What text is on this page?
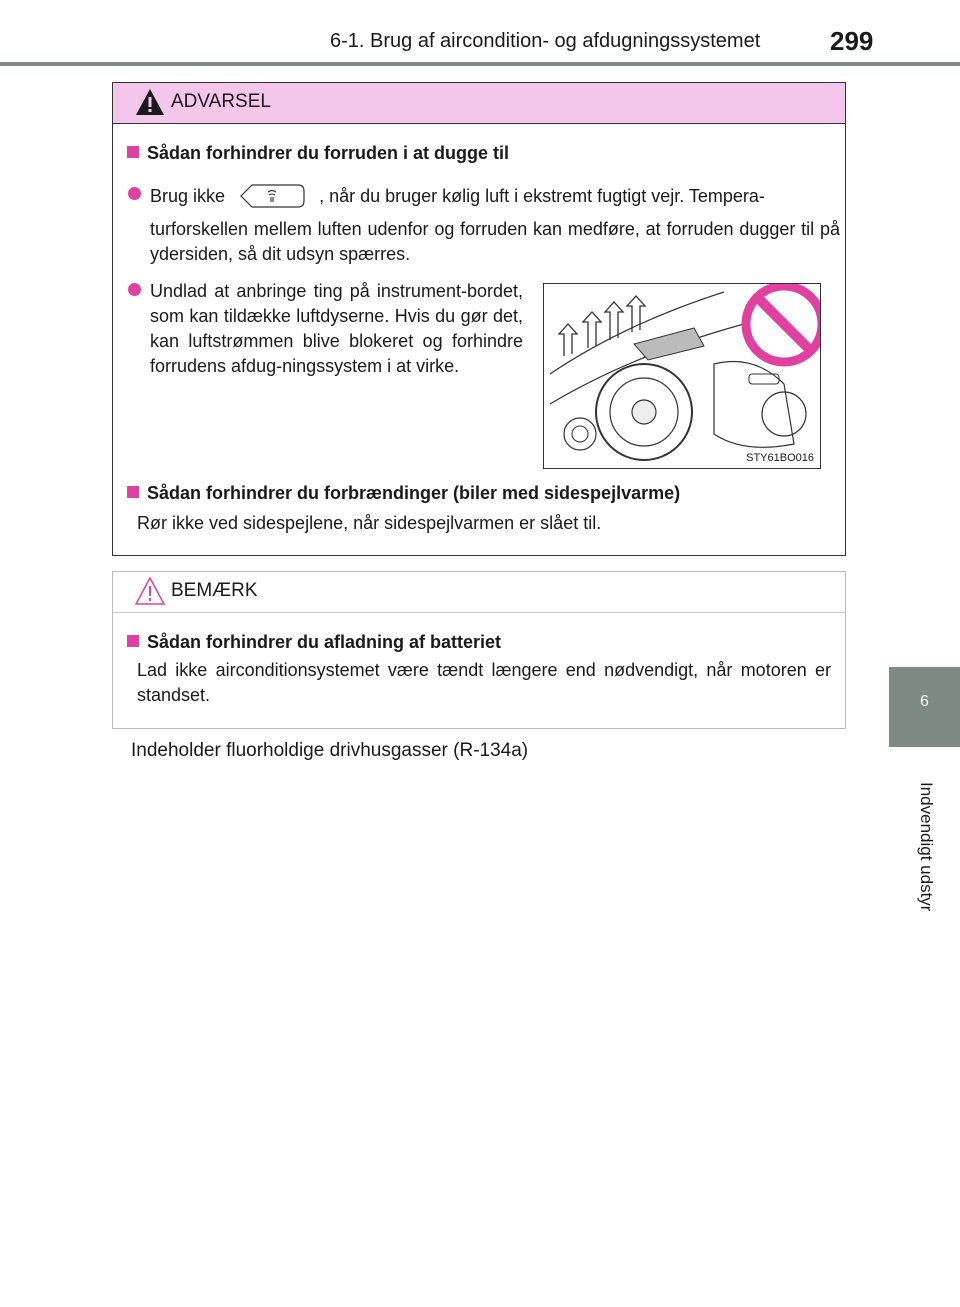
6-1. Brug af aircondition- og afdugningssystemet	299
6
Indvendigt udstyr
ADVARSEL
Sådan forhindrer du forruden i at dugge til
Brug ikke	, når du bruger kølig luft i ekstremt fugtigt vejr. Tempera-
turforskellen mellem luften udenfor og forruden kan medføre, at forruden dugger til på ydersiden, så dit udsyn spærres.
Undlad at anbringe ting på instrument-bordet, som kan tildække luftdyserne. Hvis du gør det, kan luftstrømmen blive blokeret og forhindre forrudens afdug-ningssystem i at virke.
STY61BO016
Sådan forhindrer du forbrændinger (biler med sidespejlvarme)
Rør ikke ved sidespejlene, når sidespejlvarmen er slået til.
BEMÆRK
Sådan forhindrer du afladning af batteriet
Lad ikke airconditionsystemet være tændt længere end nødvendigt, når motoren er standset.
Indeholder fluorholdige drivhusgasser (R-134a)
